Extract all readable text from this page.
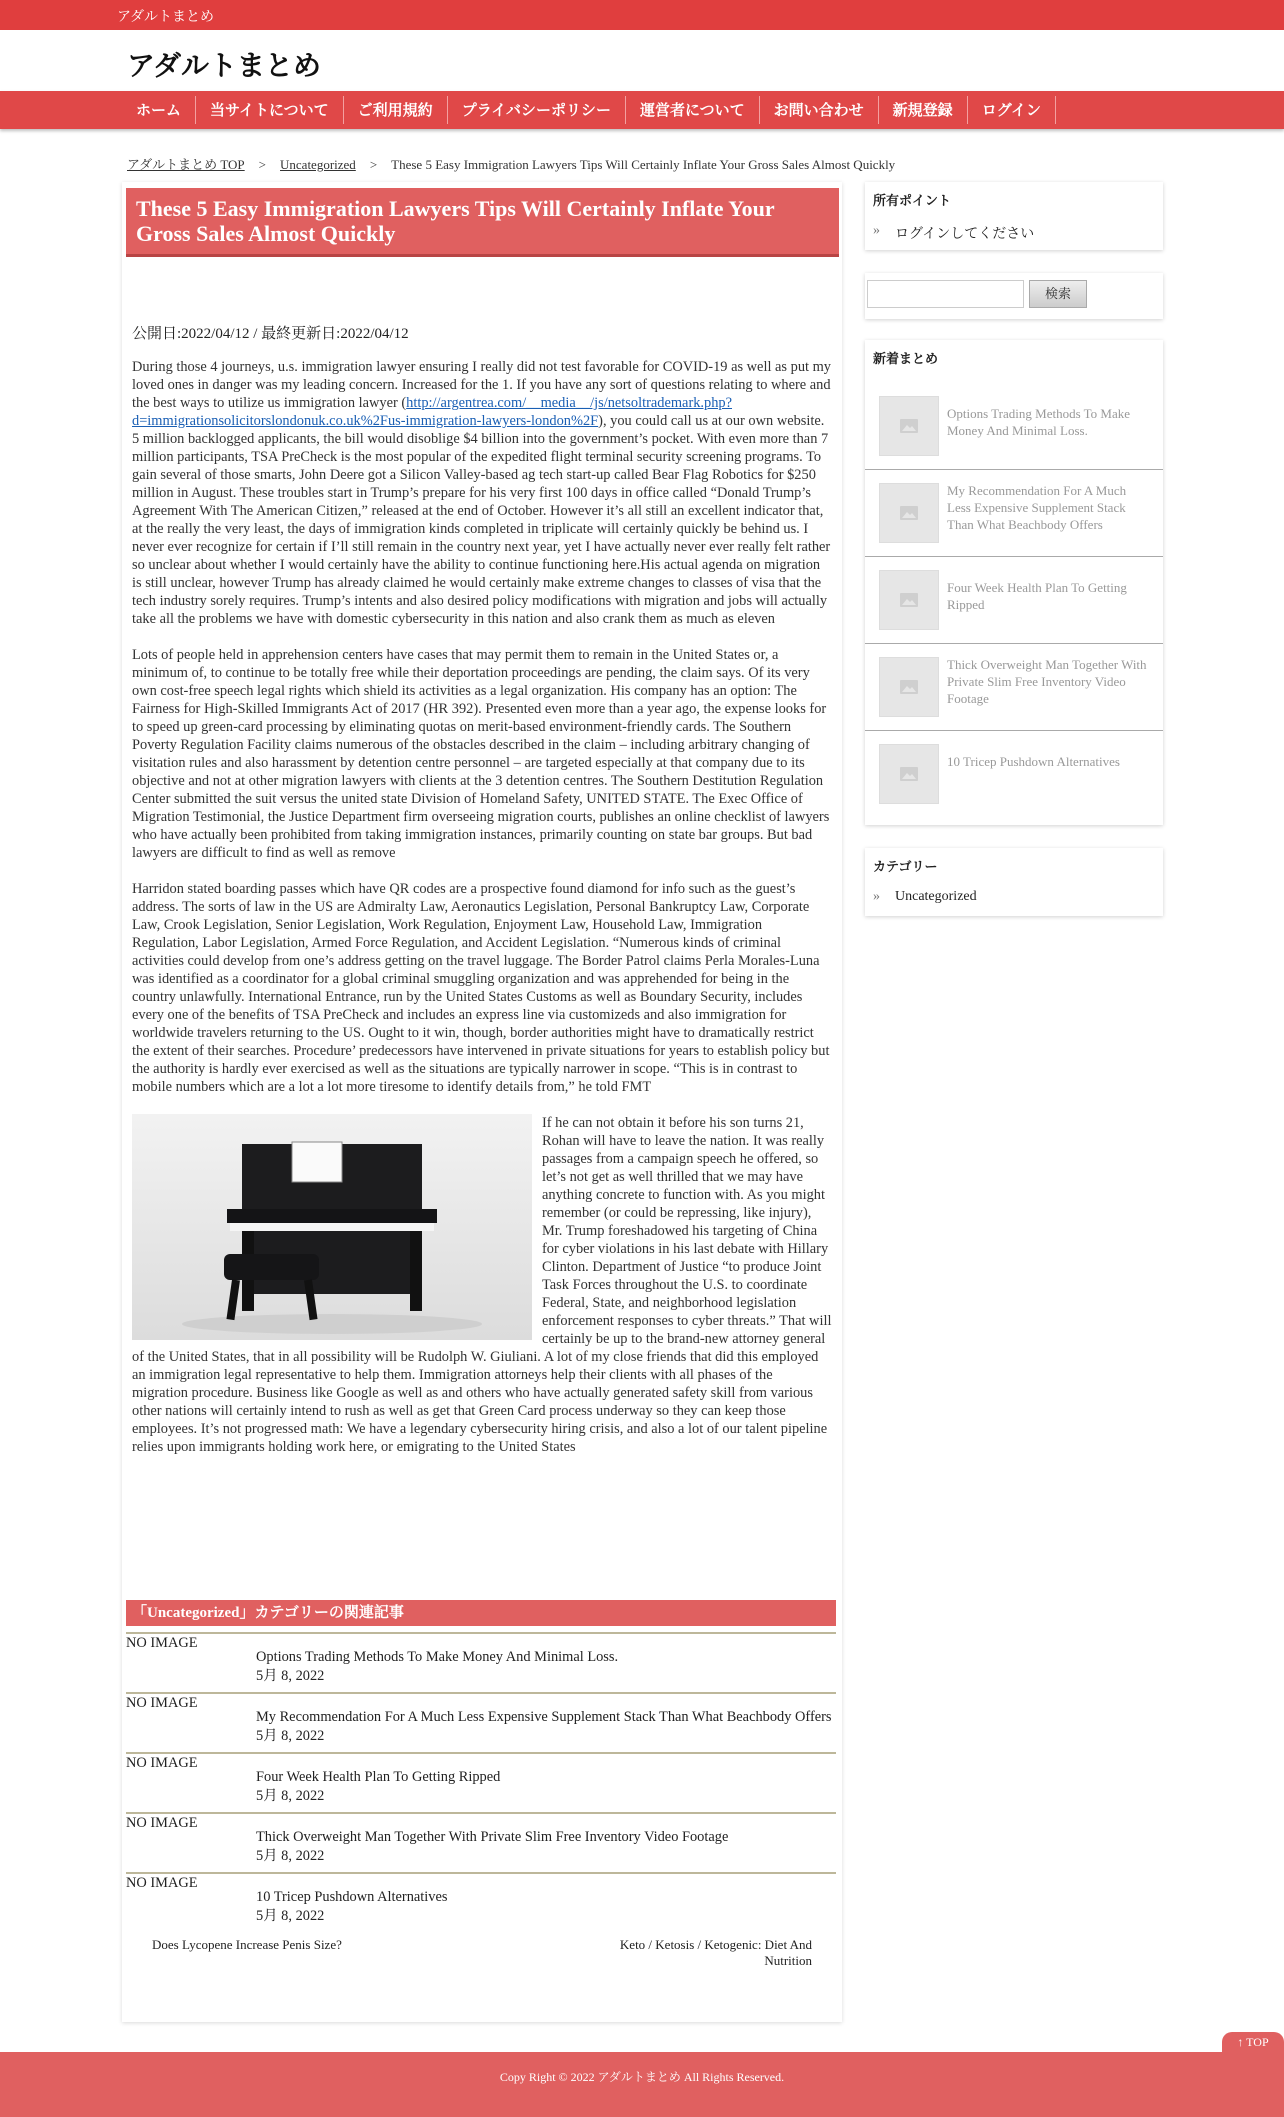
アダルトまとめ
アダルトまとめ
ホーム	当サイトについて	ご利用規約	プライバシーポリシー	運営者について	お問い合わせ	新規登録	ログイン
アダルトまとめ TOP > Uncategorized > These 5 Easy Immigration Lawyers Tips Will Certainly Inflate Your Gross Sales Almost Quickly
These 5 Easy Immigration Lawyers Tips Will Certainly Inflate Your Gross Sales Almost Quickly
公開日:2022/04/12 / 最終更新日:2022/04/12

During those 4 journeys, u.s. immigration lawyer ensuring I really did not test favorable for COVID-19 as well as put my loved ones in danger was my leading concern. Increased for the 1. If you have any sort of questions relating to where and the best ways to utilize us immigration lawyer (http://argentrea.com/__media__/js/netsoltrademark.php?d=immigrationsolicitorslondonuk.co.uk%2Fus-immigration-lawyers-london%2F), you could call us at our own website. 5 million backlogged applicants, the bill would disoblige $4 billion into the government’s pocket. With even more than 7 million participants, TSA PreCheck is the most popular of the expedited flight terminal security screening programs. To gain several of those smarts, John Deere got a Silicon Valley-based ag tech start-up called Bear Flag Robotics for $250 million in August. These troubles start in Trump’s prepare for his very first 100 days in office called “Donald Trump’s Agreement With The American Citizen,” released at the end of October. However it’s all still an excellent indicator that, at the really the very least, the days of immigration kinds completed in triplicate will certainly quickly be behind us. I never ever recognize for certain if I’ll still remain in the country next year, yet I have actually never ever really felt rather so unclear about whether I would certainly have the ability to continue functioning here.His actual agenda on migration is still unclear, however Trump has already claimed he would certainly make extreme changes to classes of visa that the tech industry sorely requires. Trump’s intents and also desired policy modifications with migration and jobs will actually take all the problems we have with domestic cybersecurity in this nation and also crank them as much as eleven

Lots of people held in apprehension centers have cases that may permit them to remain in the United States or, a minimum of, to continue to be totally free while their deportation proceedings are pending, the claim says. Of its very own cost-free speech legal rights which shield its activities as a legal organization. His company has an option: The Fairness for High-Skilled Immigrants Act of 2017 (HR 392). Presented even more than a year ago, the expense looks for to speed up green-card processing by eliminating quotas on merit-based environment-friendly cards. The Southern Poverty Regulation Facility claims numerous of the obstacles described in the claim – including arbitrary changing of visitation rules and also harassment by detention centre personnel – are targeted especially at that company due to its objective and not at other migration lawyers with clients at the 3 detention centres. The Southern Destitution Regulation Center submitted the suit versus the united state Division of Homeland Safety, UNITED STATE. The Exec Office of Migration Testimonial, the Justice Department firm overseeing migration courts, publishes an online checklist of lawyers who have actually been prohibited from taking immigration instances, primarily counting on state bar groups. But bad lawyers are difficult to find as well as remove

Harridon stated boarding passes which have QR codes are a prospective found diamond for info such as the guest’s address. The sorts of law in the US are Admiralty Law, Aeronautics Legislation, Personal Bankruptcy Law, Corporate Law, Crook Legislation, Senior Legislation, Work Regulation, Enjoyment Law, Household Law, Immigration Regulation, Labor Legislation, Armed Force Regulation, and Accident Legislation. “Numerous kinds of criminal activities could develop from one’s address getting on the travel luggage. The Border Patrol claims Perla Morales-Luna was identified as a coordinator for a global criminal smuggling organization and was apprehended for being in the country unlawfully. International Entrance, run by the United States Customs as well as Boundary Security, includes every one of the benefits of TSA PreCheck and includes an express line via customizeds and also immigration for worldwide travelers returning to the US. Ought to it win, though, border authorities might have to dramatically restrict the extent of their searches. Procedure’ predecessors have intervened in private situations for years to establish policy but the authority is hardly ever exercised as well as the situations are typically narrower in scope. “This is in contrast to mobile numbers which are a lot a lot more tiresome to identify details from,” he told FMT

If he can not obtain it before his son turns 21, Rohan will have to leave the nation. It was really passages from a campaign speech he offered, so let’s not get as well thrilled that we may have anything concrete to function with. As you might remember (or could be repressing, like injury), Mr. Trump foreshadowed his targeting of China for cyber violations in his last debate with Hillary Clinton. Department of Justice “to produce Joint Task Forces throughout the U.S. to coordinate Federal, State, and neighborhood legislation enforcement responses to cyber threats.” That will certainly be up to the brand-new attorney general of the United States, that in all possibility will be Rudolph W. Giuliani. A lot of my close friends that did this employed an immigration legal representative to help them. Immigration attorneys help their clients with all phases of the migration procedure. Business like Google as well as and others who have actually generated safety skill from various other nations will certainly intend to rush as well as get that Green Card process underway so they can keep those employees. It’s not progressed math: We have a legendary cybersecurity hiring crisis, and also a lot of our talent pipeline relies upon immigrants holding work here, or emigrating to the United States

「Uncategorized」カテゴリーの関連記事
NO IMAGE
Options Trading Methods To Make Money And Minimal Loss.
5月 8, 2022
NO IMAGE
My Recommendation For A Much Less Expensive Supplement Stack Than What Beachbody Offers
5月 8, 2022
NO IMAGE
Four Week Health Plan To Getting Ripped
5月 8, 2022
NO IMAGE
Thick Overweight Man Together With Private Slim Free Inventory Video Footage
5月 8, 2022
NO IMAGE
10 Tricep Pushdown Alternatives
5月 8, 2022
Does Lycopene Increase Penis Size?	Keto / Ketosis / Ketogenic: Diet And Nutrition
所有ポイント
» ログインしてください
検索
新着まとめ
Options Trading Methods To Make Money And Minimal Loss.
My Recommendation For A Much Less Expensive Supplement Stack Than What Beachbody Offers
Four Week Health Plan To Getting Ripped
Thick Overweight Man Together With Private Slim Free Inventory Video Footage
10 Tricep Pushdown Alternatives
カテゴリー
» Uncategorized
↑ TOP
Copy Right © 2022 アダルトまとめ All Rights Reserved.
